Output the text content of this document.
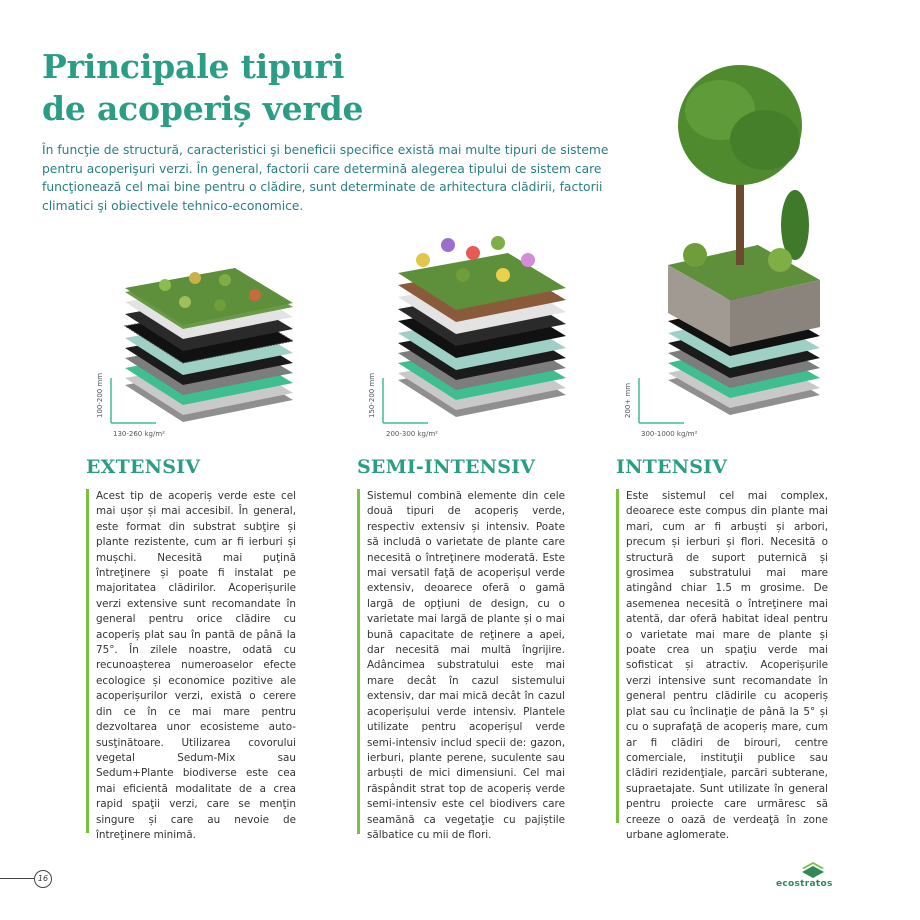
Principale tipuri
de acoperiș verde

În funcţie de structură, caracteristici şi beneficii specifice există mai multe tipuri de sisteme pentru acoperişuri verzi. În general, factorii care determină alegerea tipului de sistem care funcţionează cel mai bine pentru o clădire, sunt determinate de arhitectura clădirii, factorii climatici şi obiectivele tehnico-economice.

100-200 mm
130-260 kg/m²
150-200 mm
200-300 kg/m²
200+ mm
300-1000 kg/m²
EXTENSIV	SEMI-INTENSIV	INTENSIV

Acest tip de acoperiș verde este cel mai ușor și mai accesibil. În general, este format din substrat subţire și plante rezistente, cum ar fi ierburi și mușchi. Necesită mai puţină întreţinere și poate fi instalat pe majoritatea clădirilor. Acoperișurile verzi extensive sunt recomandate în general pentru orice clădire cu acoperiș plat sau în pantă de până la 75°. În zilele noastre, odată cu recunoașterea numeroaselor efecte ecologice și economice pozitive ale acoperișurilor verzi, există o cerere din ce în ce mai mare pentru dezvoltarea unor ecosisteme auto-susţinătoare. Utilizarea covorului vegetal Sedum-Mix sau Sedum+Plante biodiverse este cea mai eficientă modalitate de a crea rapid spaţii verzi, care se menţin singure și care au nevoie de întreţinere minimă.

Sistemul combină elemente din cele două tipuri de acoperiș verde, respectiv extensiv și intensiv. Poate să includă o varietate de plante care necesită o întreţinere moderată. Este mai versatil faţă de acoperișul verde extensiv, deoarece oferă o gamă largă de opţiuni de design, cu o varietate mai largă de plante și o mai bună capacitate de reţinere a apei, dar necesită mai multă îngrijire. Adâncimea substratului este mai mare decât în cazul sistemului extensiv, dar mai mică decât în cazul acoperișului verde intensiv. Plantele utilizate pentru acoperișul verde semi-intensiv includ specii de: gazon, ierburi, plante perene, suculente sau arbuști de mici dimensiuni. Cel mai răspândit strat top de acoperiș verde semi-intensiv este cel biodivers care seamănă ca vegetaţie cu pajiștile sălbatice cu mii de flori.

Este sistemul cel mai complex, deoarece este compus din plante mai mari, cum ar fi arbuști și arbori, precum și ierburi și flori. Necesită o structură de suport puternică și grosimea substratului mai mare atingând chiar 1.5 m grosime. De asemenea necesită o întreţinere mai atentă, dar oferă habitat ideal pentru o varietate mai mare de plante și poate crea un spaţiu verde mai sofisticat și atractiv. Acoperișurile verzi intensive sunt recomandate în general pentru clădirile cu acoperiș plat sau cu înclinaţie de până la 5° și cu o suprafaţă de acoperiș mare, cum ar fi clădiri de birouri, centre comerciale, instituţii publice sau clădiri rezidenţiale, parcări subterane, supraetajate. Sunt utilizate în general pentru proiecte care urmăresc să creeze o oază de verdeaţă în zone urbane aglomerate.

16
ecostratos
